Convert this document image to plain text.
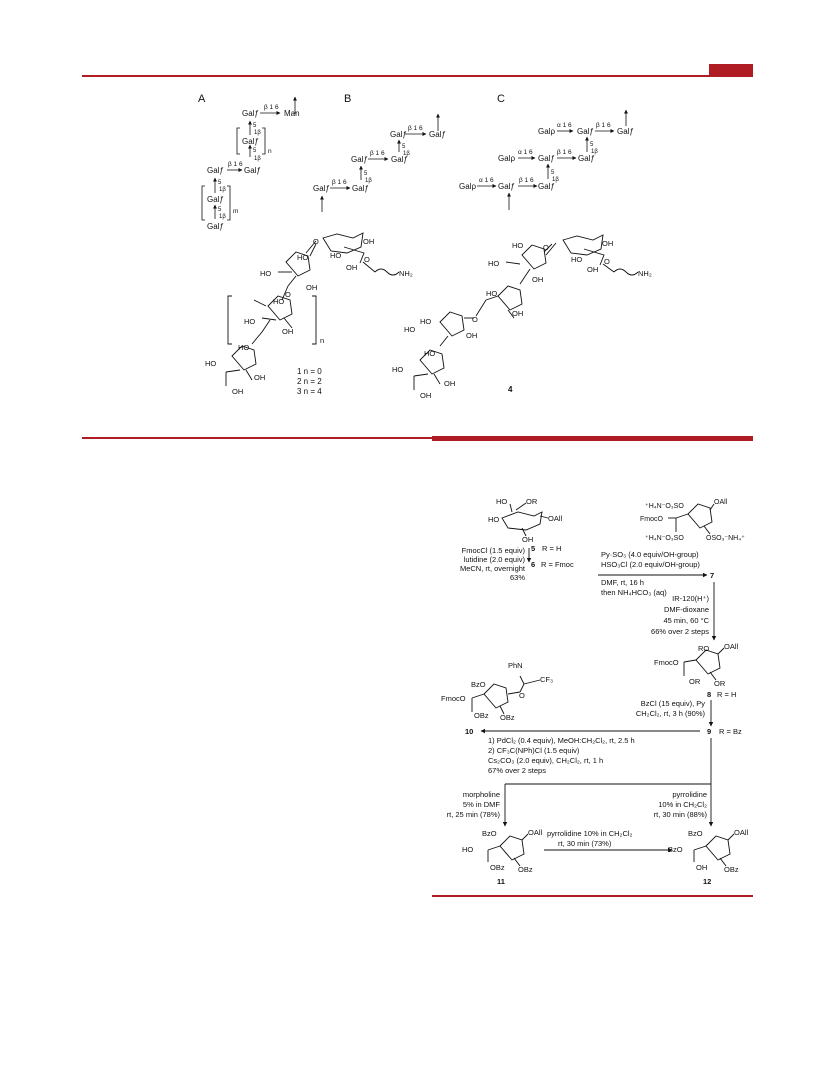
A	B	C
Galƒ
β 1 6
Man
5
1β
Galƒ
n
5
1β
Galƒ
β 1 6
Galƒ
5
1β
Galƒ
m
5
1β
Galƒ
Galƒ
β 1 6
Galƒ
5
1β
Galƒ
β 1 6
Galƒ
5
1β
Galƒ
β 1 6
Galƒ
Galρ
α 1 6
Galƒ
β 1 6
Galƒ
5
1β
Galρ
α 1 6
Galƒ
β 1 6
Galƒ
5
1β
Galρ
α 1 6
Galƒ
β 1 6
Galƒ
OH
HO
O
O
OH
NH₂
HO
HO
OH
O
HO
HO
OH
n
HO
HO
OH
OH
1 n = 0
2 n = 2
3 n = 4
OH
HO	O
OH	NH₂
HO	O
HO
OH
HO
OH
O
HO
HO
OH
HO
HO
OH
OH
4
HO	OR
HO	OAll
OH
5 R = H
6 R = Fmoc
FmocCl (1.5 equiv)
lutidine (2.0 equiv)
MeCN, rt, overnight
63%
Py·SO₃ (4.0 equiv/OH-group)
HSO₃Cl (2.0 equiv/OH-group)
DMF, rt, 16 h
then NH₄HCO₃ (aq)
7
⁺H₄N⁻O₃SO
OAll
FmocO
⁺H₄N⁻O₃SO	OSO₃⁻NH₄⁺
IR-120(H⁺)
DMF-dioxane
45 min, 60 °C
66% over 2 steps
RO OAll
FmocO
OR
OR
8 R = H
BzCl (15 equiv), Py
CH₂Cl₂, rt, 3 h (90%)
9 R = Bz
PhN
CF₃
BzO
O
FmocO
OBz
OBz
10
1) PdCl₂ (0.4 equiv), MeOH:CH₂Cl₂, rt, 2.5 h
2) CF₃C(NPh)Cl (1.5 equiv)
Cs₂CO₃ (2.0 equiv), CH₂Cl₂, rt, 1 h
67% over 2 steps
morpholine
5% in DMF
rt, 25 min (78%)
pyrrolidine
10% in CH₂Cl₂
rt, 30 min (88%)
pyrrolidine 10% in CH₂Cl₂
rt, 30 min (73%)
BzO	OAll
HO
OBz
OBz
11
BzO	OAll
BzO
OBz
OH
12
